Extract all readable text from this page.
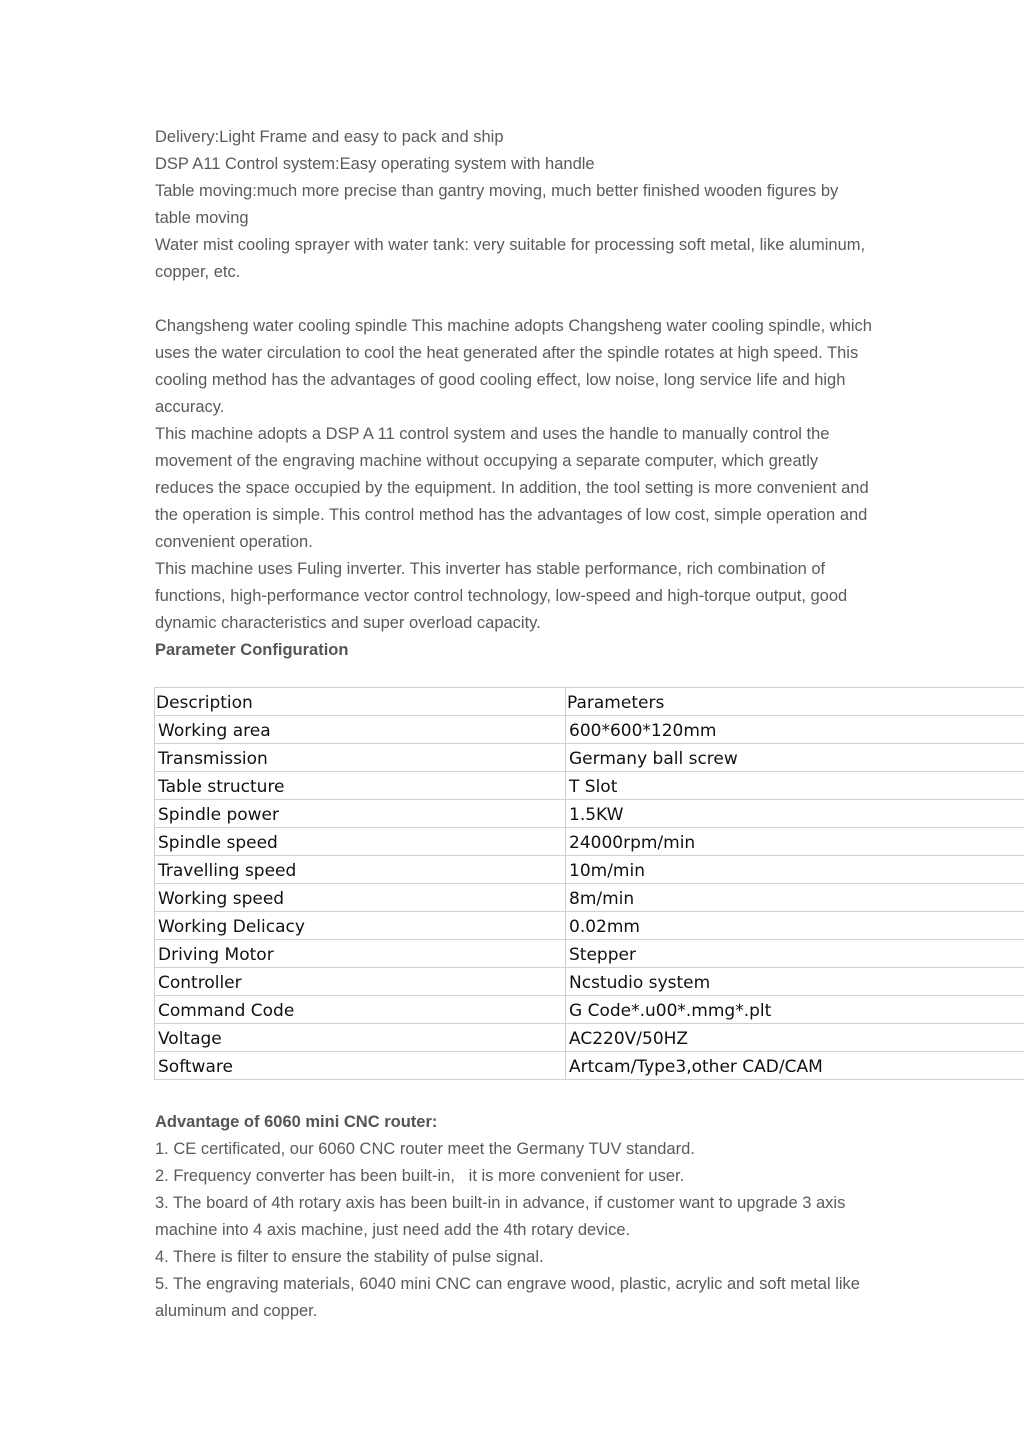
Delivery:Light Frame and easy to pack and ship

DSP A11 Control system:Easy operating system with handle

Table moving:much more precise than gantry moving, much better finished wooden figures by table moving

Water mist cooling sprayer with water tank: very suitable for processing soft metal, like aluminum, copper, etc.

Changsheng water cooling spindle This machine adopts Changsheng water cooling spindle, which uses the water circulation to cool the heat generated after the spindle rotates at high speed. This cooling method has the advantages of good cooling effect, low noise, long service life and high accuracy.

This machine adopts a DSP A 11 control system and uses the handle to manually control the movement of the engraving machine without occupying a separate computer, which greatly reduces the space occupied by the equipment. In addition, the tool setting is more convenient and the operation is simple. This control method has the advantages of low cost, simple operation and convenient operation.

This machine uses Fuling inverter. This inverter has stable performance, rich combination of functions, high-performance vector control technology, low-speed and high-torque output, good dynamic characteristics and super overload capacity.

Parameter Configuration

Description	Parameters
Working area	600*600*120mm
Transmission	Germany ball screw
Table structure	T Slot
Spindle power	1.5KW
Spindle speed	24000rpm/min
Travelling speed	10m/min
Working speed	8m/min
Working Delicacy	0.02mm
Driving Motor	Stepper
Controller	Ncstudio system
Command Code	G Code*.u00*.mmg*.plt
Voltage	AC220V/50HZ
Software	Artcam/Type3,other CAD/CAM

Advantage of 6060 mini CNC router:

1. CE certificated, our 6060 CNC router meet the Germany TUV standard.

2. Frequency converter has been built-in,   it is more convenient for user.

3. The board of 4th rotary axis has been built-in in advance, if customer want to upgrade 3 axis machine into 4 axis machine, just need add the 4th rotary device.

4. There is filter to ensure the stability of pulse signal.

5. The engraving materials, 6040 mini CNC can engrave wood, plastic, acrylic and soft metal like aluminum and copper.
